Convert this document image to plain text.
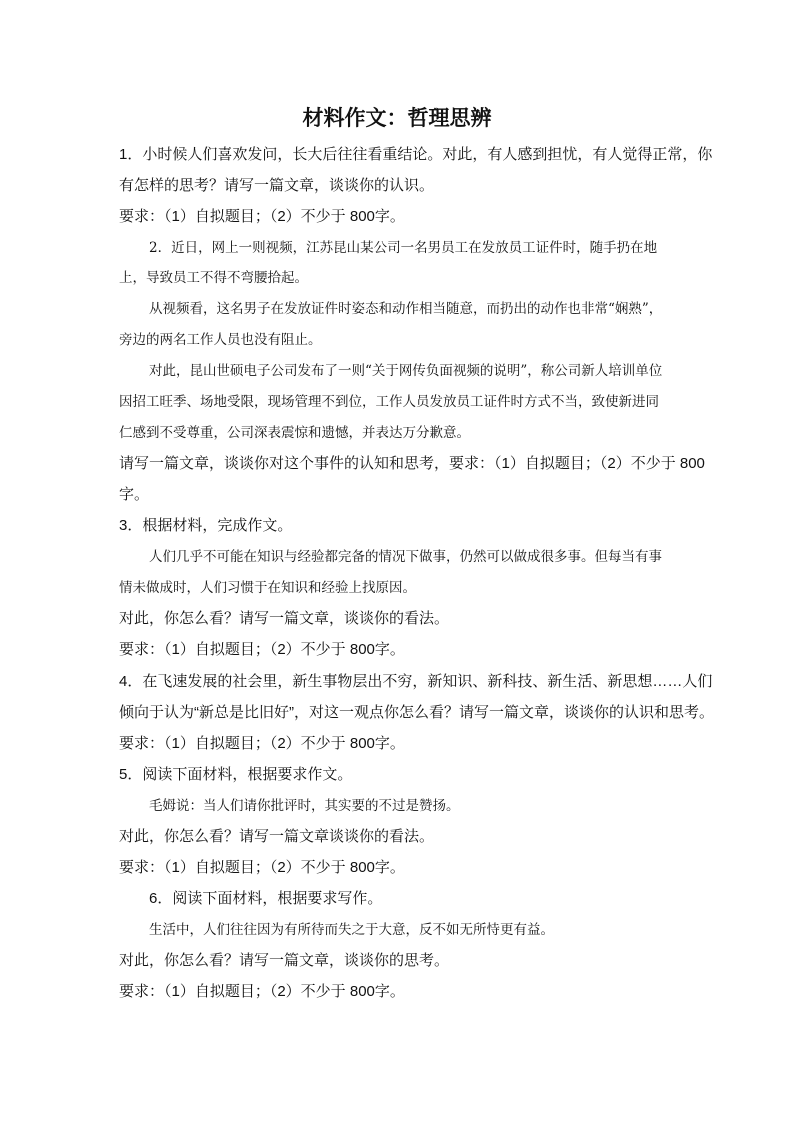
材料作文：哲理思辨
1．小时候人们喜欢发问，长大后往往看重结论。对此，有人感到担忧，有人觉得正常，你
有怎样的思考？请写一篇文章，谈谈你的认识。
要求：（1）自拟题目；（2）不少于 800字。
2．近日，网上一则视频，江苏昆山某公司一名男员工在发放员工证件时，随手扔在地
上，导致员工不得不弯腰拾起。
从视频看，这名男子在发放证件时姿态和动作相当随意，而扔出的动作也非常“娴熟”，
旁边的两名工作人员也没有阻止。
对此，昆山世硕电子公司发布了一则“关于网传负面视频的说明”，称公司新人培训单位
因招工旺季、场地受限，现场管理不到位，工作人员发放员工证件时方式不当，致使新进同
仁感到不受尊重，公司深表震惊和遗憾，并表达万分歉意。
请写一篇文章，谈谈你对这个事件的认知和思考，要求：（1）自拟题目；（2）不少于 800
字。
3．根据材料，完成作文。
人们几乎不可能在知识与经验都完备的情况下做事，仍然可以做成很多事。但每当有事
情未做成时，人们习惯于在知识和经验上找原因。
对此，你怎么看？请写一篇文章，谈谈你的看法。
要求：（1）自拟题目；（2）不少于 800字。
4．在飞速发展的社会里，新生事物层出不穷，新知识、新科技、新生活、新思想……人们
倾向于认为“新总是比旧好”，对这一观点你怎么看？请写一篇文章，谈谈你的认识和思考。
要求：（1）自拟题目；（2）不少于 800字。
5．阅读下面材料，根据要求作文。
毛姆说：当人们请你批评时，其实要的不过是赞扬。
对此，你怎么看？请写一篇文章谈谈你的看法。
要求：（1）自拟题目；（2）不少于 800字。
6．阅读下面材料，根据要求写作。
生活中，人们往往因为有所待而失之于大意，反不如无所恃更有益。
对此，你怎么看？请写一篇文章，谈谈你的思考。
要求：（1）自拟题目；（2）不少于 800字。
